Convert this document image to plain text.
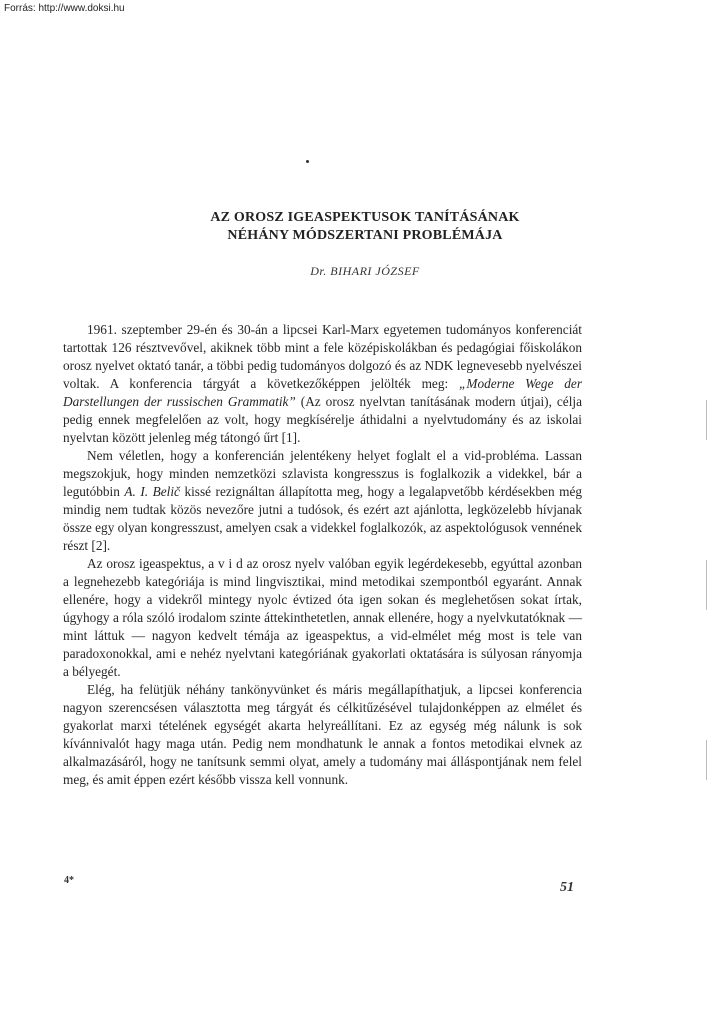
Forrás: http://www.doksi.hu
AZ OROSZ IGEASPEKTUSOK TANÍTÁSÁNAK
NÉHÁNY MÓDSZERTANI PROBLÉMÁJA
Dr. BIHARI JÓZSEF

1961. szeptember 29-én és 30-án a lipcsei Karl-Marx egyetemen tudományos konferenciát tartottak 126 résztvevővel, akiknek több mint a fele középiskolákban és pedagógiai főiskolákon orosz nyelvet oktató tanár, a többi pedig tudományos dolgozó és az NDK legnevesebb nyelvészei voltak. A konferencia tárgyát a következőképpen jelölték meg: „Moderne Wege der Darstellungen der russischen Grammatik” (Az orosz nyelvtan tanításának modern útjai), célja pedig ennek megfelelően az volt, hogy megkísérelje áthidalni a nyelvtudomány és az iskolai nyelvtan között jelenleg még tátongó űrt [1].

Nem véletlen, hogy a konferencián jelentékeny helyet foglalt el a vid-probléma. Lassan megszokjuk, hogy minden nemzetközi szlavista kongresszus is foglalkozik a videkkel, bár a legutóbbin A. I. Belič kissé rezignáltan állapította meg, hogy a legalapvetőbb kérdésekben még mindig nem tudtak közös nevezőre jutni a tudósok, és ezért azt ajánlotta, legközelebb hívjanak össze egy olyan kongresszust, amelyen csak a videkkel foglalkozók, az aspektológusok vennének részt [2].

Az orosz igeaspektus, a v i d az orosz nyelv valóban egyik legérdekesebb, egyúttal azonban a legnehezebb kategóriája is mind lingvisztikai, mind metodikai szempontból egyaránt. Annak ellenére, hogy a videkről mintegy nyolc évtized óta igen sokan és meglehetősen sokat írtak, úgyhogy a róla szóló irodalom szinte áttekinthetetlen, annak ellenére, hogy a nyelvkutatóknak — mint láttuk — nagyon kedvelt témája az igeaspektus, a vid-elmélet még most is tele van paradoxonokkal, ami e nehéz nyelvtani kategóriának gyakorlati oktatására is súlyosan rányomja a bélyegét.

Elég, ha felütjük néhány tankönyvünket és máris megállapíthatjuk, a lipcsei konferencia nagyon szerencsésen választotta meg tárgyát és célkitűzésével tulajdonképpen az elmélet és gyakorlat marxi tételének egységét akarta helyreállítani. Ez az egység még nálunk is sok kívánnivalót hagy maga után. Pedig nem mondhatunk le annak a fontos metodikai elvnek az alkalmazásáról, hogy ne tanítsunk semmi olyat, amely a tudomány mai álláspontjának nem felel meg, és amit éppen ezért később vissza kell vonnunk.

4*	51
